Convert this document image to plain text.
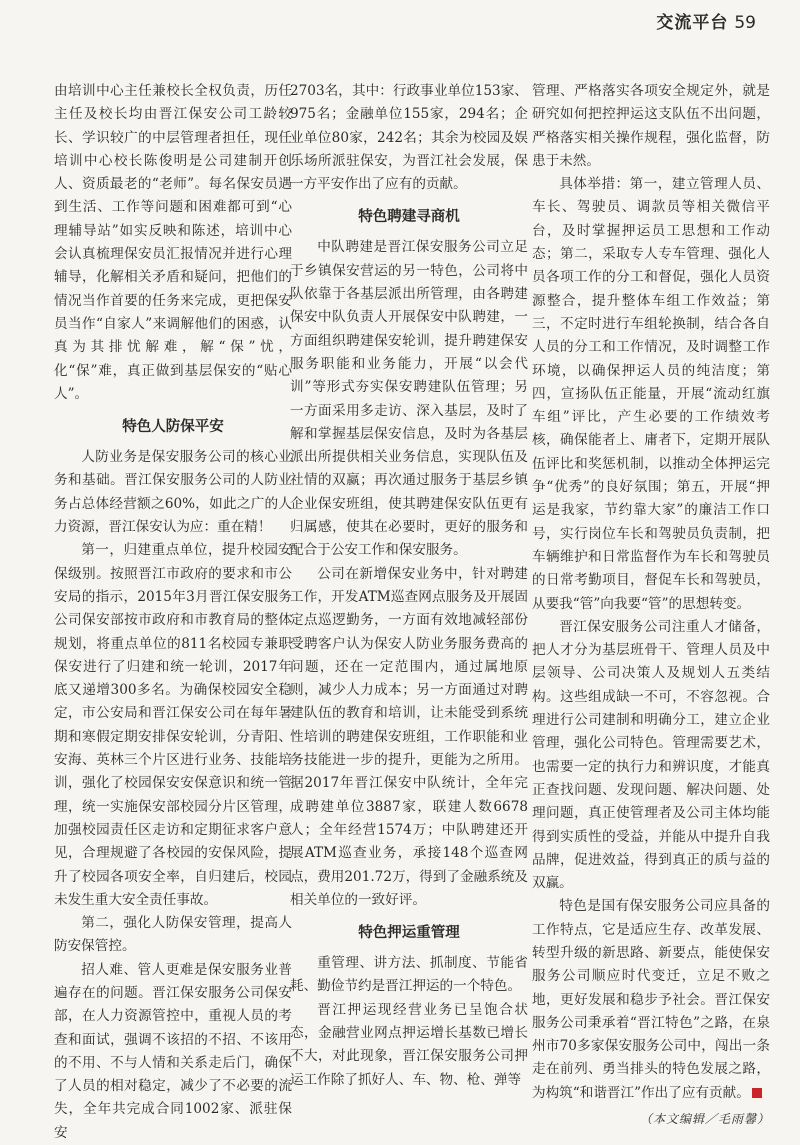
交流平台 59

由培训中心主任兼校长全权负责，历任主任及校长均由晋江保安公司工龄较长、学识较广的中层管理者担任，现任培训中心校长陈俊明是公司建制开创人、资质最老的“老师”。每名保安员遇到生活、工作等问题和困难都可到“心理辅导站”如实反映和陈述，培训中心会认真梳理保安员汇报情况并进行心理辅导，化解相关矛盾和疑问，把他们的情况当作首要的任务来完成，更把保安员当作“自家人”来调解他们的困惑，认真为其排忧解难，解“保”忧，化“保”难，真正做到基层保安的“贴心人”。

特色人防保平安

人防业务是保安服务公司的核心业务和基础。晋江保安服务公司的人防业务占总体经营额之60%，如此之广的人力资源，晋江保安认为应：重在精！

第一，归建重点单位，提升校园安保级别。按照晋江市政府的要求和市公安局的指示，2015年3月晋江保安服务公司保安部按市政府和市教育局的整体规划，将重点单位的811名校园专兼职保安进行了归建和统一轮训，2017年底又递增300多名。为确保校园安全稳定，市公安局和晋江保安公司在每年暑期和寒假定期安排保安轮训，分青阳、安海、英林三个片区进行业务、技能培训，强化了校园保安安保意识和统一管理，统一实施保安部校园分片区管理，加强校园责任区走访和定期征求客户意见，合理规避了各校园的安保风险，提升了校园各项安全率，自归建后，校园未发生重大安全责任事故。

第二，强化人防保安管理，提高人防安保管控。

招人难、管人更难是保安服务业普遍存在的问题。晋江保安服务公司保安部，在人力资源管控中，重视人员的考查和面试，强调不该招的不招、不该用的不用、不与人情和关系走后门，确保了人员的相对稳定，减少了不必要的流失，全年共完成合同1002家、派驻保安

2703名，其中：行政事业单位153家、975名；金融单位155家，294名；企业单位80家，242名；其余为校园及娱乐场所派驻保安，为晋江社会发展，保一方平安作出了应有的贡献。

特色聘建寻商机

中队聘建是晋江保安服务公司立足于乡镇保安营运的另一特色，公司将中队依靠于各基层派出所管理，由各聘建保安中队负责人开展保安中队聘建，一方面组织聘建保安轮训，提升聘建保安服务职能和业务能力，开展“以会代训”等形式夯实保安聘建队伍管理；另一方面采用多走访、深入基层，及时了解和掌握基层保安信息，及时为各基层派出所提供相关业务信息，实现队伍及社情的双赢；再次通过服务于基层乡镇企业保安班组，使其聘建保安队伍更有归属感，使其在必要时，更好的服务和配合于公安工作和保安服务。

公司在新增保安业务中，针对聘建工作，开发ATM巡查网点服务及开展固定点巡逻勤务，一方面有效地减轻部份受聘客户认为保安人防业务服务费高的问题，还在一定范围内，通过属地原则，减少人力成本；另一方面通过对聘建队伍的教育和培训，让未能受到系统性培训的聘建保安班组，工作职能和业务技能进一步的提升，更能为之所用。据2017年晋江保安中队统计，全年完成聘建单位3887家，联建人数6678人；全年经营1574万；中队聘建还开展ATM巡查业务，承接148个巡查网点，费用201.72万，得到了金融系统及相关单位的一致好评。

特色押运重管理

重管理、讲方法、抓制度、节能省耗、勤俭节约是晋江押运的一个特色。

晋江押运现经营业务已呈饱合状态，金融营业网点押运增长基数已增长不大，对此现象，晋江保安服务公司押运工作除了抓好人、车、物、枪、弹等

管理、严格落实各项安全规定外，就是研究如何把控押运这支队伍不出问题，严格落实相关操作规程，强化监督，防患于未然。

具体举措：第一，建立管理人员、车长、驾驶员、调款员等相关微信平台，及时掌握押运员工思想和工作动态；第二，采取专人专车管理、强化人员各项工作的分工和督促，强化人员资源整合，提升整体车组工作效益；第三，不定时进行车组轮换制，结合各自人员的分工和工作情况，及时调整工作环境，以确保押运人员的纯洁度；第四，宣扬队伍正能量，开展“流动红旗车组”评比，产生必要的工作绩效考核，确保能者上、庸者下，定期开展队伍评比和奖惩机制，以推动全体押运完争“优秀”的良好氛围；第五，开展“押运是我家，节约靠大家”的廉洁工作口号，实行岗位车长和驾驶员负责制，把车辆维护和日常监督作为车长和驾驶员的日常考勤项目，督促车长和驾驶员，从要我“管”向我要“管”的思想转变。

晋江保安服务公司注重人才储备，把人才分为基层班骨干、管理人员及中层领导、公司决策人及规划人五类结构。这些组成缺一不可，不容忽视。合理进行公司建制和明确分工，建立企业管理，强化公司特色。管理需要艺术，也需要一定的执行力和辨识度，才能真正查找问题、发现问题、解决问题、处理问题，真正使管理者及公司主体均能得到实质性的受益，并能从中提升自我品牌，促进效益，得到真正的质与益的双赢。

特色是国有保安服务公司应具备的工作特点，它是适应生存、改革发展、转型升级的新思路、新要点，能使保安服务公司顺应时代变迁，立足不败之地，更好发展和稳步予社会。晋江保安服务公司秉承着“晋江特色”之路，在泉州市70多家保安服务公司中，闯出一条走在前列、勇当排头的特色发展之路，为构筑“和谐晋江”作出了应有贡献。

（本文编辑／毛雨馨）
